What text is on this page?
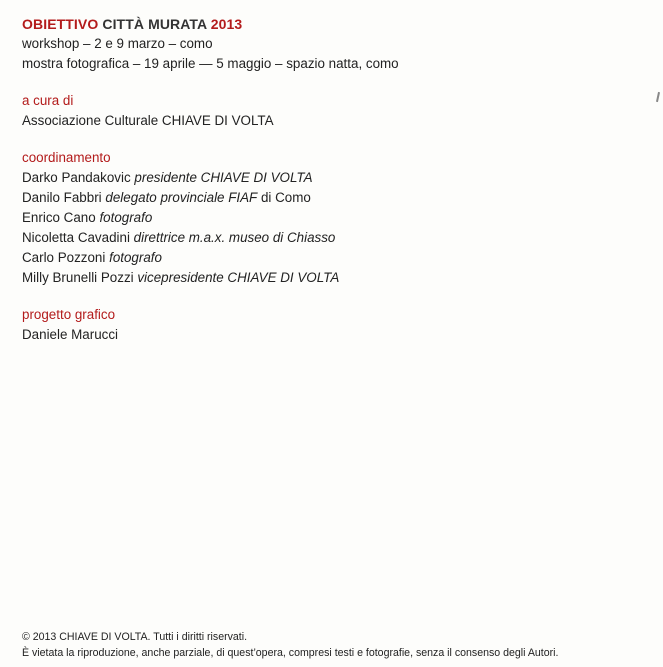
OBIETTIVO CITTÀ MURATA 2013

workshop – 2 e 9 marzo – como

mostra fotografica – 19 aprile — 5 maggio – spazio natta, como

a cura di

Associazione Culturale CHIAVE DI VOLTA

coordinamento

Darko Pandakovic presidente CHIAVE DI VOLTA

Danilo Fabbri delegato provinciale FIAF di Como

Enrico Cano fotografo

Nicoletta Cavadini direttrice m.a.x. museo di Chiasso

Carlo Pozzoni fotografo

Milly Brunelli Pozzi vicepresidente CHIAVE DI VOLTA

progetto grafico

Daniele Marucci

© 2013 CHIAVE DI VOLTA. Tutti i diritti riservati.

È vietata la riproduzione, anche parziale, di quest’opera, compresi testi e fotografie, senza il consenso degli Autori.
